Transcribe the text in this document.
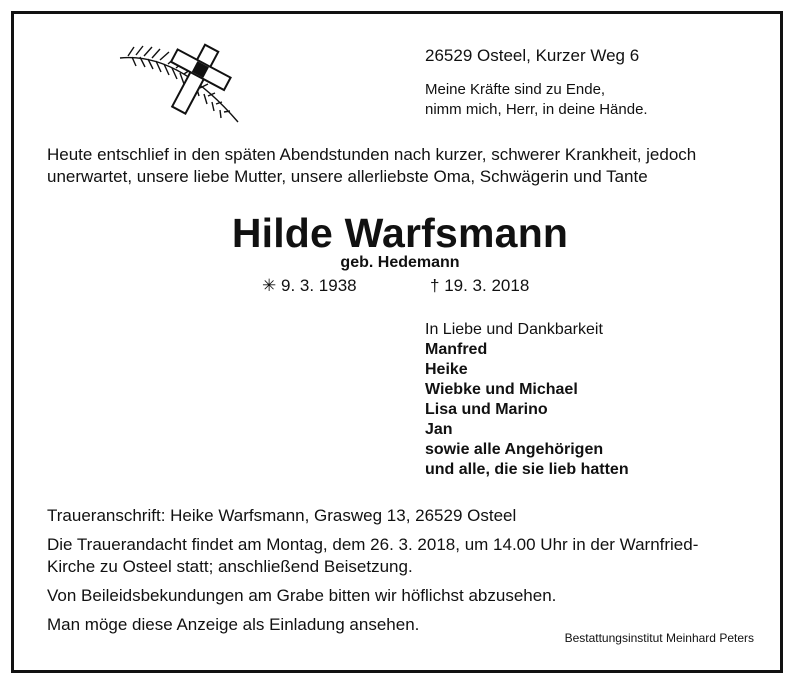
26529 Osteel, Kurzer Weg 6
Meine Kräfte sind zu Ende,
nimm mich, Herr, in deine Hände.
Heute entschlief in den späten Abendstunden nach kurzer, schwerer Krankheit, jedoch
unerwartet, unsere liebe Mutter, unsere allerliebste Oma, Schwägerin und Tante
Hilde Warfsmann
geb. Hedemann
✳ 9. 3. 1938	† 19. 3. 2018
In Liebe und Dankbarkeit
Manfred
Heike
Wiebke und Michael
Lisa und Marino
Jan
sowie alle Angehörigen
und alle, die sie lieb hatten

Traueranschrift: Heike Warfsmann, Grasweg 13, 26529 Osteel

Die Trauerandacht findet am Montag, dem 26. 3. 2018, um 14.00 Uhr in der Warnfried-

Kirche zu Osteel statt; anschließend Beisetzung.

Von Beileidsbekundungen am Grabe bitten wir höflichst abzusehen.

Man möge diese Anzeige als Einladung ansehen.

Bestattungsinstitut Meinhard Peters
